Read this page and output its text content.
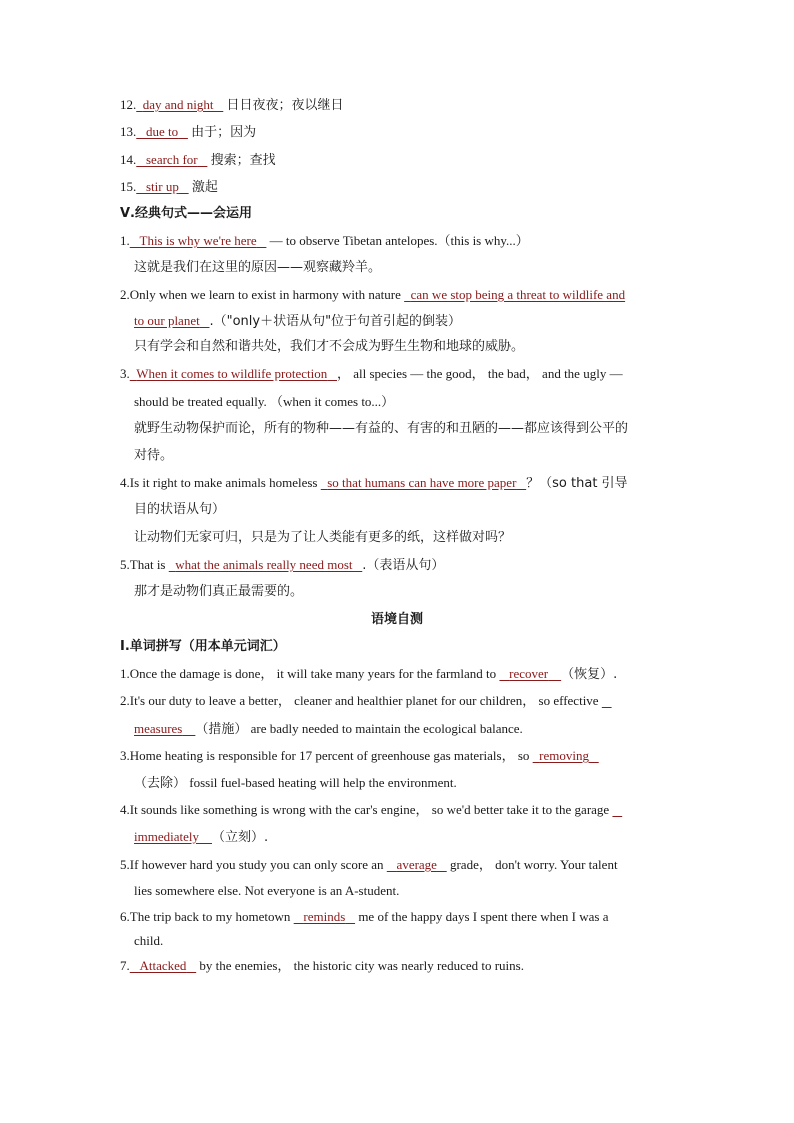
12. day and night 日日夜夜；夜以继日
13. due to 由于；因为
14. search for 搜索；查找
15. stir up 激起
Ⅴ.经典句式——会运用
1. This is why we're here — to observe Tibetan antelopes.（this is why...）
这就是我们在这里的原因——观察藏羚羊。
2.Only when we learn to exist in harmony with nature can we stop being a threat to wildlife and
to our planet .（"only＋状语从句"位于句首引起的倒装）
只有学会和自然和谐共处，我们才不会成为野生生物和地球的威胁。
3. When it comes to wildlife protection ， all species — the good， the bad， and the ugly —
should be treated equally. （when it comes to...）
就野生动物保护而论，所有的物种——有益的、有害的和丑陋的——都应该得到公平的
对待。
4.Is it right to make animals homeless so that humans can have more paper ？（so that 引导
目的状语从句）
让动物们无家可归，只是为了让人类能有更多的纸，这样做对吗？
5.That is what the animals really need most .（表语从句）
那才是动物们真正最需要的。
语境自测
Ⅰ.单词拼写（用本单元词汇）
1.Once the damage is done， it will take many years for the farmland to recover （恢复）.
2.It's our duty to leave a better， cleaner and healthier planet for our children， so effective
measures （措施） are badly needed to maintain the ecological balance.
3.Home heating is responsible for 17 percent of greenhouse gas materials， so removing
（去除） fossil fuel-based heating will help the environment.
4.It sounds like something is wrong with the car's engine， so we'd better take it to the garage
immediately （立刻）.
5.If however hard you study you can only score an average grade， don't worry. Your talent
lies somewhere else. Not everyone is an A-student.
6.The trip back to my hometown reminds me of the happy days I spent there when I was a
child.
7. Attacked by the enemies， the historic city was nearly reduced to ruins.
